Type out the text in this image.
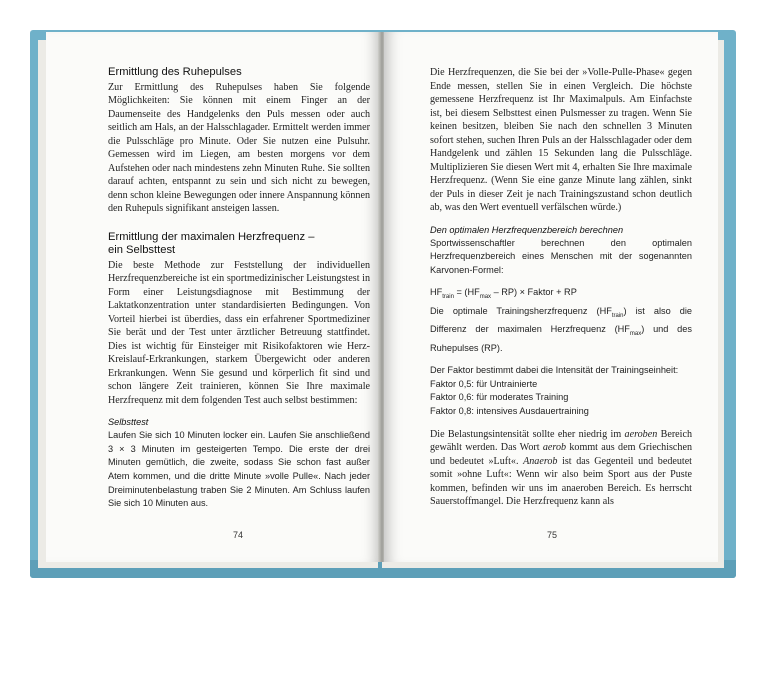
Ermittlung des Ruhepulses

Zur Ermittlung des Ruhepulses haben Sie folgende Möglichkeiten: Sie können mit einem Finger an der Daumenseite des Handgelenks den Puls messen oder auch seitlich am Hals, an der Halsschlagader. Ermittelt werden immer die Pulsschläge pro Minute. Oder Sie nutzen eine Pulsuhr. Gemessen wird im Liegen, am besten morgens vor dem Aufstehen oder nach mindestens zehn Minuten Ruhe. Sie sollten darauf achten, entspannt zu sein und sich nicht zu bewegen, denn schon kleine Bewegungen oder innere Anspannung können den Ruhepuls signifikant ansteigen lassen.

Ermittlung der maximalen Herzfrequenz –
ein Selbsttest

Die beste Methode zur Feststellung der individuellen Herzfrequenzbereiche ist ein sportmedizinischer Leistungstest in Form einer Leistungsdiagnose mit Bestimmung der Laktatkonzentration unter standardisierten Bedingungen. Von Vorteil hierbei ist überdies, dass ein erfahrener Sportmediziner Sie berät und der Test unter ärztlicher Betreuung stattfindet. Dies ist wichtig für Einsteiger mit Risikofaktoren wie Herz-Kreislauf-Erkrankungen, starkem Übergewicht oder anderen Erkrankungen. Wenn Sie gesund und körperlich fit sind und schon längere Zeit trainieren, können Sie Ihre maximale Herzfrequenz mit dem folgenden Test auch selbst bestimmen:

Selbsttest

Laufen Sie sich 10 Minuten locker ein. Laufen Sie anschließend 3 × 3 Minuten im gesteigerten Tempo. Die erste der drei Minuten gemütlich, die zweite, sodass Sie schon fast außer Atem kommen, und die dritte Minute »volle Pulle«. Nach jeder Dreiminutenbelastung traben Sie 2 Minuten. Am Schluss laufen Sie sich 10 Minuten aus.

74

Die Herzfrequenzen, die Sie bei der »Volle-Pulle-Phase« gegen Ende messen, stellen Sie in einen Vergleich. Die höchste gemessene Herzfrequenz ist Ihr Maximalpuls. Am Einfachste ist, bei diesem Selbsttest einen Pulsmesser zu tragen. Wenn Sie keinen besitzen, bleiben Sie nach den schnellen 3 Minuten sofort stehen, suchen Ihren Puls an der Halsschlagader oder dem Handgelenk und zählen 15 Sekunden lang die Pulsschläge. Multiplizieren Sie diesen Wert mit 4, erhalten Sie Ihre maximale Herzfrequenz. (Wenn Sie eine ganze Minute lang zählen, sinkt der Puls in dieser Zeit je nach Trainingszustand schon deutlich ab, was den Wert eventuell verfälschen würde.)

Den optimalen Herzfrequenzbereich berechnen

Sportwissenschaftler berechnen den optimalen Herzfrequenzbereich eines Menschen mit der sogenannten Karvonen-Formel:

$HF_{train} = (HF_{max} - RP)$ × Faktor + RP

Die optimale Trainingsherzfrequenz $(HF_{train})$ ist also die Differenz der maximalen Herzfrequenz $(HF_{max})$ und des Ruhepulses (RP).

Der Faktor bestimmt dabei die Intensität der Trainingseinheit:

Faktor 0,5: für Untrainierte

Faktor 0,6: für moderates Training

Faktor 0,8: intensives Ausdauertraining

Die Belastungsintensität sollte eher niedrig im aeroben Bereich gewählt werden. Das Wort aerob kommt aus dem Griechischen und bedeutet »Luft«. Anaerob ist das Gegenteil und bedeutet somit »ohne Luft«: Wenn wir also beim Sport aus der Puste kommen, befinden wir uns im anaeroben Bereich. Es herrscht Sauerstoffmangel. Die Herzfrequenz kann als

75
